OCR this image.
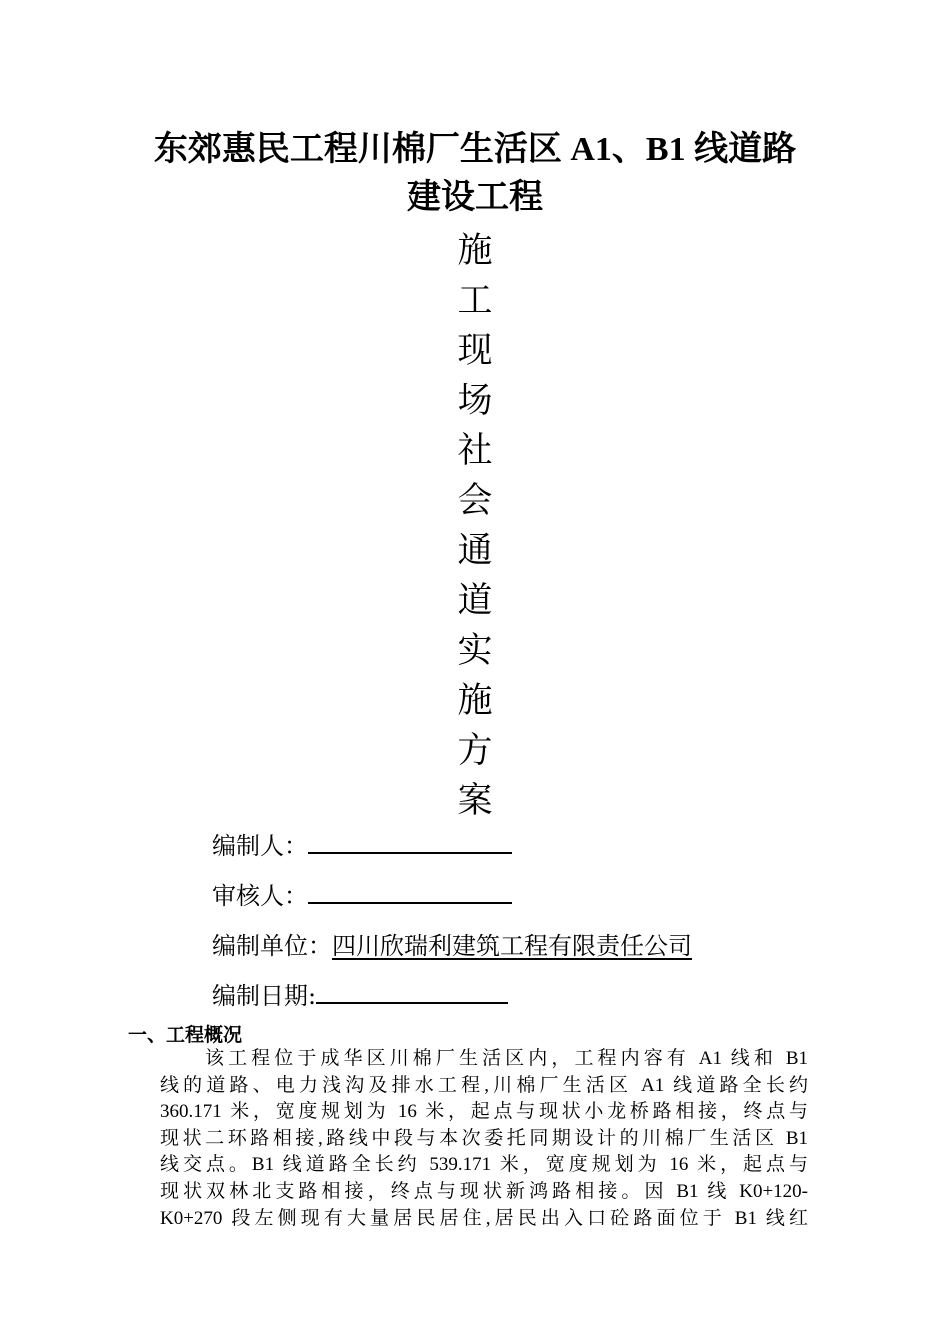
东郊惠民工程川棉厂生活区 A1、B1 线道路
建设工程

施

工

现

场

社

会

通

道

实

施

方

案

编制人：
审核人：
编制单位：四川欣瑞利建筑工程有限责任公司
编制日期:
一、工程概况
该工程位于成华区川棉厂生活区内，工程内容有 A1 线和 B1
线的道路、电力浅沟及排水工程,川棉厂生活区 A1 线道路全长约
360.171 米，宽度规划为 16 米，起点与现状小龙桥路相接，终点与
现状二环路相接,路线中段与本次委托同期设计的川棉厂生活区 B1
线交点。B1 线道路全长约 539.171 米，宽度规划为 16 米，起点与
现状双林北支路相接，终点与现状新鸿路相接。因 B1 线 K0+120-
K0+270 段左侧现有大量居民居住,居民出入口砼路面位于 B1 线红
